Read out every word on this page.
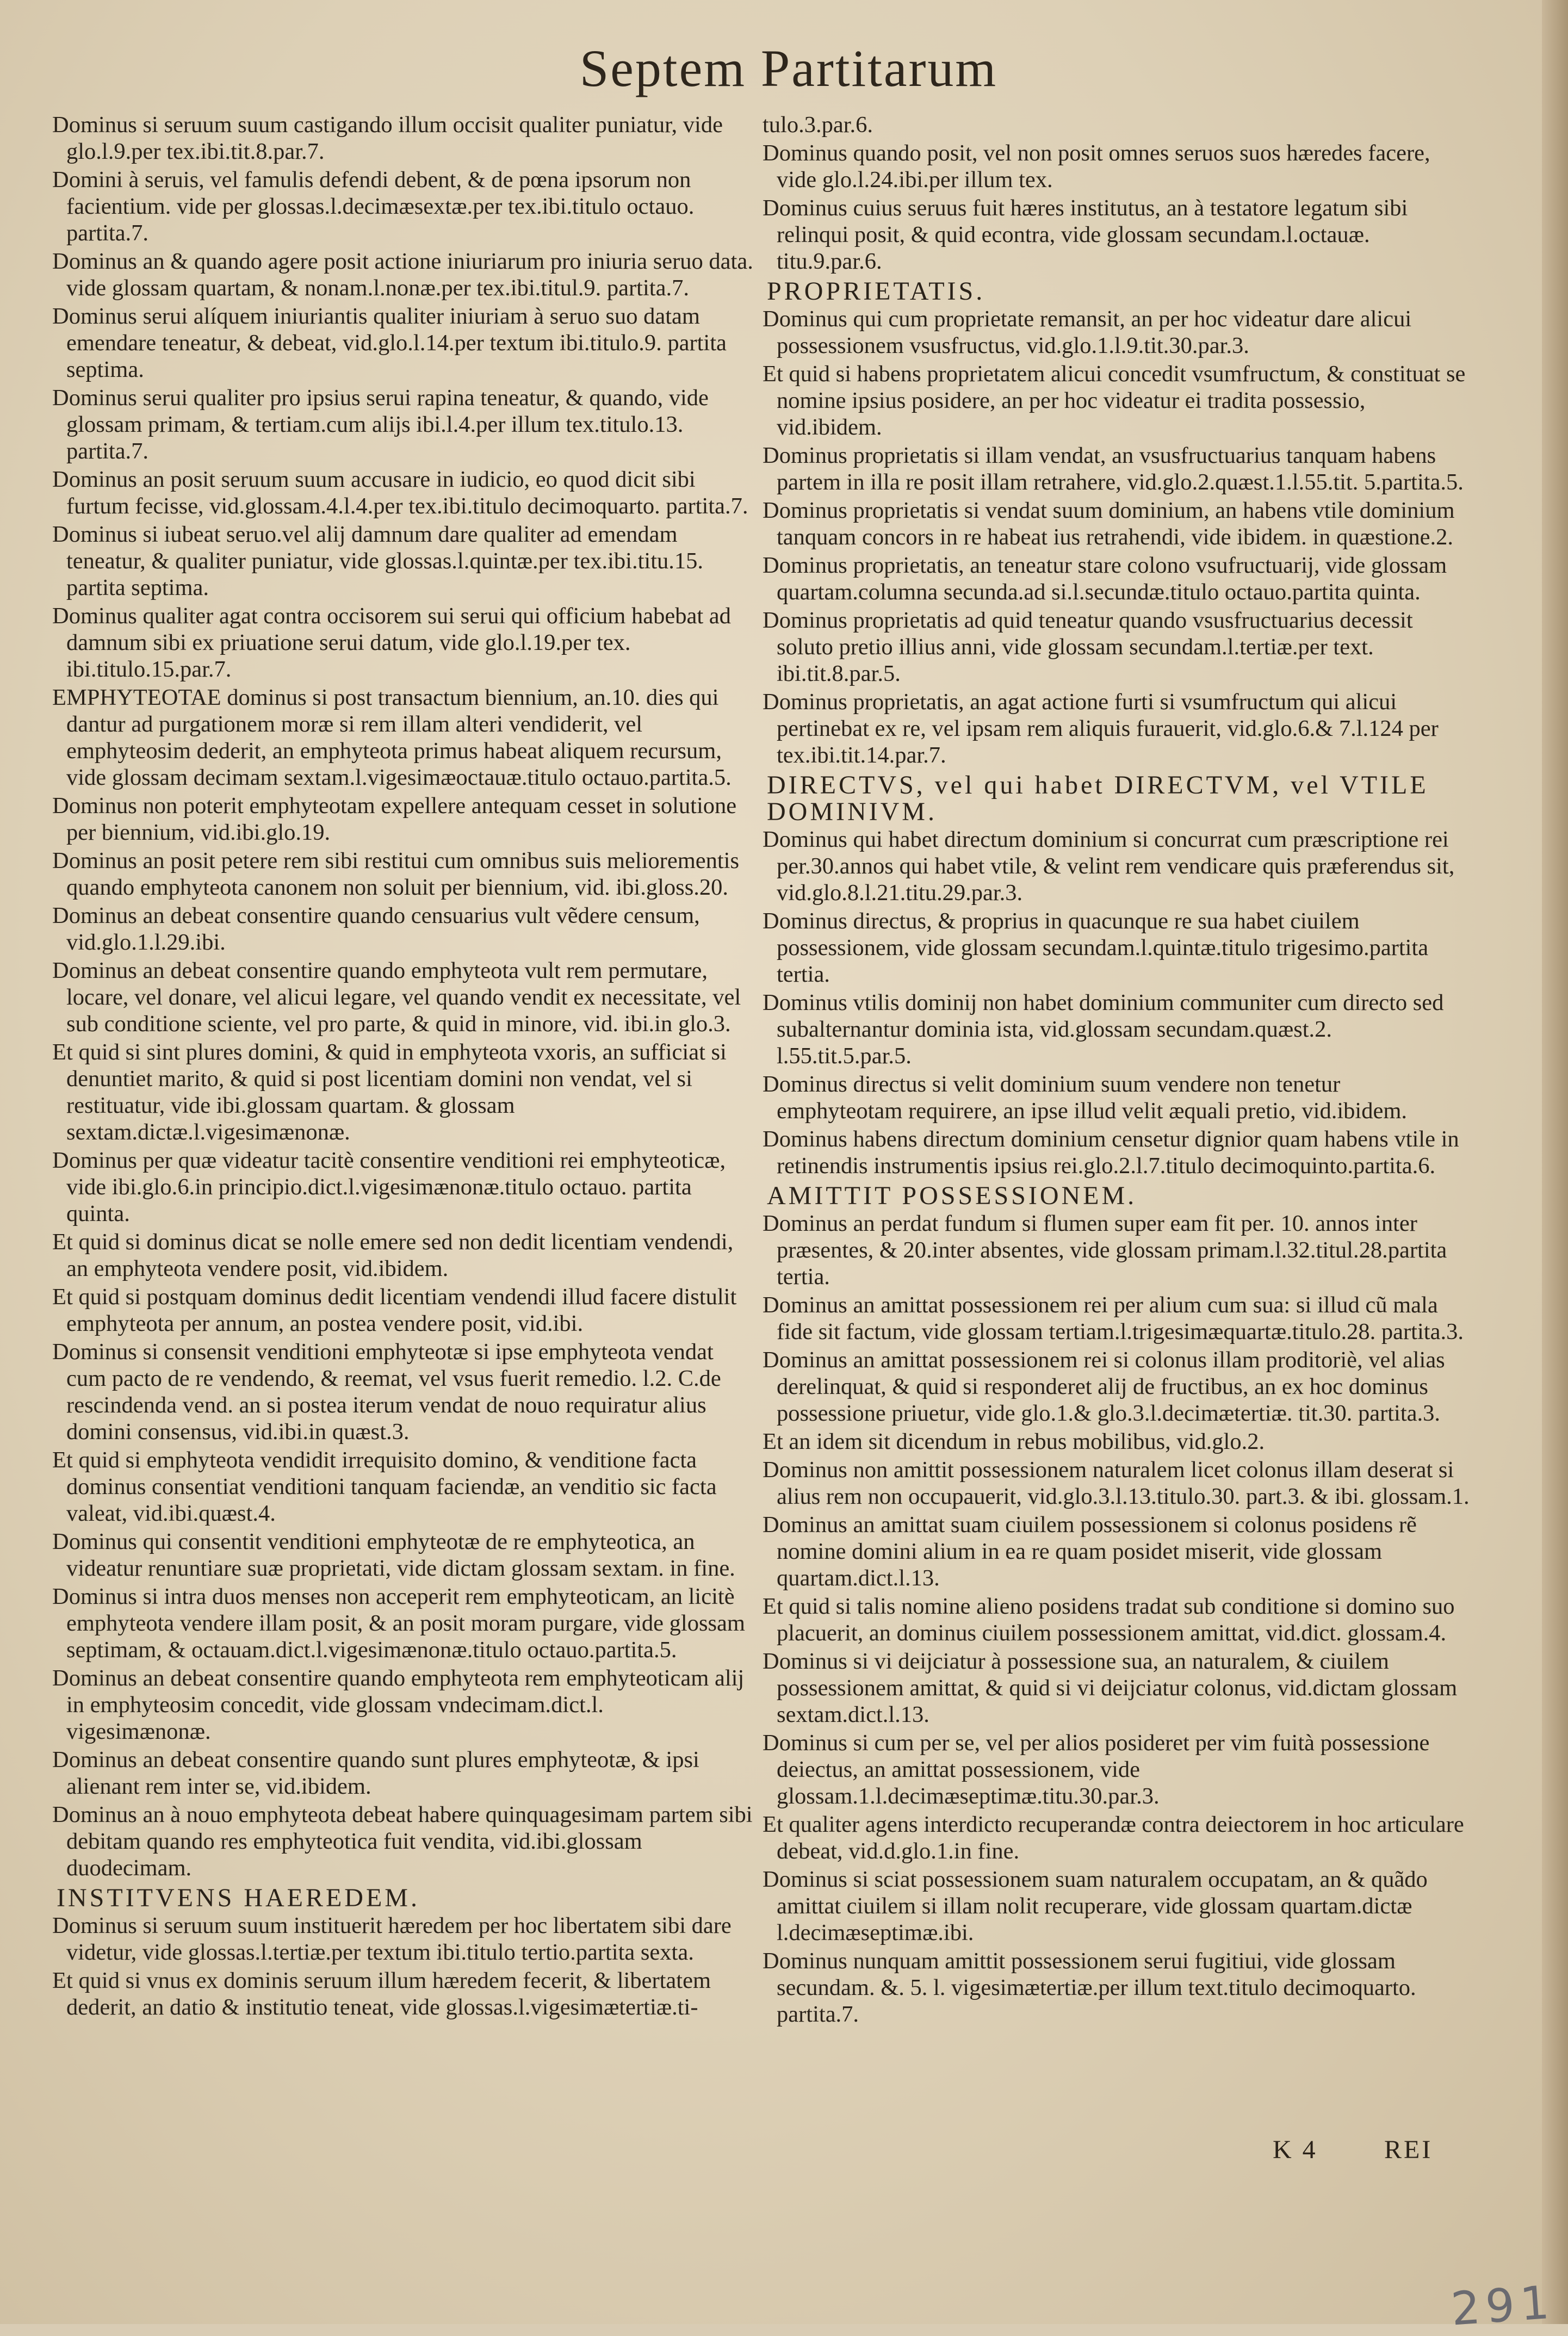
Septem Partitarum

Dominus si seruum suum castigando illum occisit qualiter puniatur, vide glo.l.9.per tex.ibi.tit.8.par.7.

Domini à seruis, vel famulis defendi debent, & de pœna ipsorum non facientium. vide per glossas.l.decimæsextæ.per tex.ibi.titulo octauo. partita.7.

Dominus an & quando agere posit actione iniuriarum pro iniuria seruo data. vide glossam quartam, & nonam.l.nonæ.per tex.ibi.titul.9. partita.7.

Dominus serui alíquem iniuriantis qualiter iniuriam à seruo suo datam emendare teneatur, & debeat, vid.glo.l.14.per textum ibi.titulo.9. partita septima.

Dominus serui qualiter pro ipsius serui rapina teneatur, & quando, vide glossam primam, & tertiam.cum alijs ibi.l.4.per illum tex.titulo.13. partita.7.

Dominus an posit seruum suum accusare in iudicio, eo quod dicit sibi furtum fecisse, vid.glossam.4.l.4.per tex.ibi.titulo decimoquarto. partita.7.

Dominus si iubeat seruo.vel alij damnum dare qualiter ad emendam teneatur, & qualiter puniatur, vide glossas.l.quintæ.per tex.ibi.titu.15. partita septima.

Dominus qualiter agat contra occisorem sui serui qui officium habebat ad damnum sibi ex priuatione serui datum, vide glo.l.19.per tex. ibi.titulo.15.par.7.

EMPHYTEOTAE dominus si post transactum biennium, an.10. dies qui dantur ad purgationem moræ si rem illam alteri vendiderit, vel emphyteosim dederit, an emphyteota primus habeat aliquem recursum, vide glossam decimam sextam.l.vigesimæoctauæ.titulo octauo.partita.5.

Dominus non poterit emphyteotam expellere antequam cesset in solutione per biennium, vid.ibi.glo.19.

Dominus an posit petere rem sibi restitui cum omnibus suis meliorementis quando emphyteota canonem non soluit per biennium, vid. ibi.gloss.20.

Dominus an debeat consentire quando censuarius vult vẽdere censum, vid.glo.1.l.29.ibi.

Dominus an debeat consentire quando emphyteota vult rem permutare, locare, vel donare, vel alicui legare, vel quando vendit ex necessitate, vel sub conditione sciente, vel pro parte, & quid in minore, vid. ibi.in glo.3.

Et quid si sint plures domini, & quid in emphyteota vxoris, an sufficiat si denuntiet marito, & quid si post licentiam domini non vendat, vel si restituatur, vide ibi.glossam quartam. & glossam sextam.dictæ.l.vigesimænonæ.

Dominus per quæ videatur tacitè consentire venditioni rei emphyteoticæ, vide ibi.glo.6.in principio.dict.l.vigesimænonæ.titulo octauo. partita quinta.

Et quid si dominus dicat se nolle emere sed non dedit licentiam vendendi, an emphyteota vendere posit, vid.ibidem.

Et quid si postquam dominus dedit licentiam vendendi illud facere distulit emphyteota per annum, an postea vendere posit, vid.ibi.

Dominus si consensit venditioni emphyteotæ si ipse emphyteota vendat cum pacto de re vendendo, & reemat, vel vsus fuerit remedio. l.2. C.de rescindenda vend. an si postea iterum vendat de nouo requiratur alius domini consensus, vid.ibi.in quæst.3.

Et quid si emphyteota vendidit irrequisito domino, & venditione facta dominus consentiat venditioni tanquam faciendæ, an venditio sic facta valeat, vid.ibi.quæst.4.

Dominus qui consentit venditioni emphyteotæ de re emphyteotica, an videatur renuntiare suæ proprietati, vide dictam glossam sextam. in fine.

Dominus si intra duos menses non acceperit rem emphyteoticam, an licitè emphyteota vendere illam posit, & an posit moram purgare, vide glossam septimam, & octauam.dict.l.vigesimænonæ.titulo octauo.partita.5.

Dominus an debeat consentire quando emphyteota rem emphyteoticam alij in emphyteosim concedit, vide glossam vndecimam.dict.l. vigesimænonæ.

Dominus an debeat consentire quando sunt plures emphyteotæ, & ipsi alienant rem inter se, vid.ibidem.

Dominus an à nouo emphyteota debeat habere quinquagesimam partem sibi debitam quando res emphyteotica fuit vendita, vid.ibi.glossam duodecimam.

INSTITVENS HAEREDEM.

Dominus si seruum suum instituerit hæredem per hoc libertatem sibi dare videtur, vide glossas.l.tertiæ.per textum ibi.titulo tertio.partita sexta.

Et quid si vnus ex dominis seruum illum hæredem fecerit, & libertatem dederit, an datio & institutio teneat, vide glossas.l.vigesimætertiæ.ti-

tulo.3.par.6.

Dominus quando posit, vel non posit omnes seruos suos hæredes facere, vide glo.l.24.ibi.per illum tex.

Dominus cuius seruus fuit hæres institutus, an à testatore legatum sibi relinqui posit, & quid econtra, vide glossam secundam.l.octauæ. titu.9.par.6.

PROPRIETATIS.

Dominus qui cum proprietate remansit, an per hoc videatur dare alicui possessionem vsusfructus, vid.glo.1.l.9.tit.30.par.3.

Et quid si habens proprietatem alicui concedit vsumfructum, & constituat se nomine ipsius posidere, an per hoc videatur ei tradita possessio, vid.ibidem.

Dominus proprietatis si illam vendat, an vsusfructuarius tanquam habens partem in illa re posit illam retrahere, vid.glo.2.quæst.1.l.55.tit. 5.partita.5.

Dominus proprietatis si vendat suum dominium, an habens vtile dominium tanquam concors in re habeat ius retrahendi, vide ibidem. in quæstione.2.

Dominus proprietatis, an teneatur stare colono vsufructuarij, vide glossam quartam.columna secunda.ad si.l.secundæ.titulo octauo.partita quinta.

Dominus proprietatis ad quid teneatur quando vsusfructuarius decessit soluto pretio illius anni, vide glossam secundam.l.tertiæ.per text. ibi.tit.8.par.5.

Dominus proprietatis, an agat actione furti si vsumfructum qui alicui pertinebat ex re, vel ipsam rem aliquis furauerit, vid.glo.6.& 7.l.124 per tex.ibi.tit.14.par.7.

DIRECTVS, vel qui habet DIRECTVM, vel VTILE DOMINIVM.

Dominus qui habet directum dominium si concurrat cum præscriptione rei per.30.annos qui habet vtile, & velint rem vendicare quis præferendus sit, vid.glo.8.l.21.titu.29.par.3.

Dominus directus, & proprius in quacunque re sua habet ciuilem possessionem, vide glossam secundam.l.quintæ.titulo trigesimo.partita tertia.

Dominus vtilis dominij non habet dominium communiter cum directo sed subalternantur dominia ista, vid.glossam secundam.quæst.2. l.55.tit.5.par.5.

Dominus directus si velit dominium suum vendere non tenetur emphyteotam requirere, an ipse illud velit æquali pretio, vid.ibidem.

Dominus habens directum dominium censetur dignior quam habens vtile in retinendis instrumentis ipsius rei.glo.2.l.7.titulo decimoquinto.partita.6.

AMITTIT POSSESSIONEM.

Dominus an perdat fundum si flumen super eam fit per. 10. annos inter præsentes, & 20.inter absentes, vide glossam primam.l.32.titul.28.partita tertia.

Dominus an amittat possessionem rei per alium cum sua: si illud cũ mala fide sit factum, vide glossam tertiam.l.trigesimæquartæ.titulo.28. partita.3.

Dominus an amittat possessionem rei si colonus illam proditoriè, vel alias derelinquat, & quid si responderet alij de fructibus, an ex hoc dominus possessione priuetur, vide glo.1.& glo.3.l.decimætertiæ. tit.30. partita.3.

Et an idem sit dicendum in rebus mobilibus, vid.glo.2.

Dominus non amittit possessionem naturalem licet colonus illam deserat si alius rem non occupauerit, vid.glo.3.l.13.titulo.30. part.3. & ibi. glossam.1.

Dominus an amittat suam ciuilem possessionem si colonus posidens rẽ nomine domini alium in ea re quam posidet miserit, vide glossam quartam.dict.l.13.

Et quid si talis nomine alieno posidens tradat sub conditione si domino suo placuerit, an dominus ciuilem possessionem amittat, vid.dict. glossam.4.

Dominus si vi deijciatur à possessione sua, an naturalem, & ciuilem possessionem amittat, & quid si vi deijciatur colonus, vid.dictam glossam sextam.dict.l.13.

Dominus si cum per se, vel per alios posideret per vim fuità possessione deiectus, an amittat possessionem, vide glossam.1.l.decimæseptimæ.titu.30.par.3.

Et qualiter agens interdicto recuperandæ contra deiectorem in hoc articulare debeat, vid.d.glo.1.in fine.

Dominus si sciat possessionem suam naturalem occupatam, an & quãdo amittat ciuilem si illam nolit recuperare, vide glossam quartam.dictæ l.decimæseptimæ.ibi.

Dominus nunquam amittit possessionem serui fugitiui, vide glossam secundam. &. 5. l. vigesimætertiæ.per illum text.titulo decimoquarto. partita.7.

K 4	REI
291
